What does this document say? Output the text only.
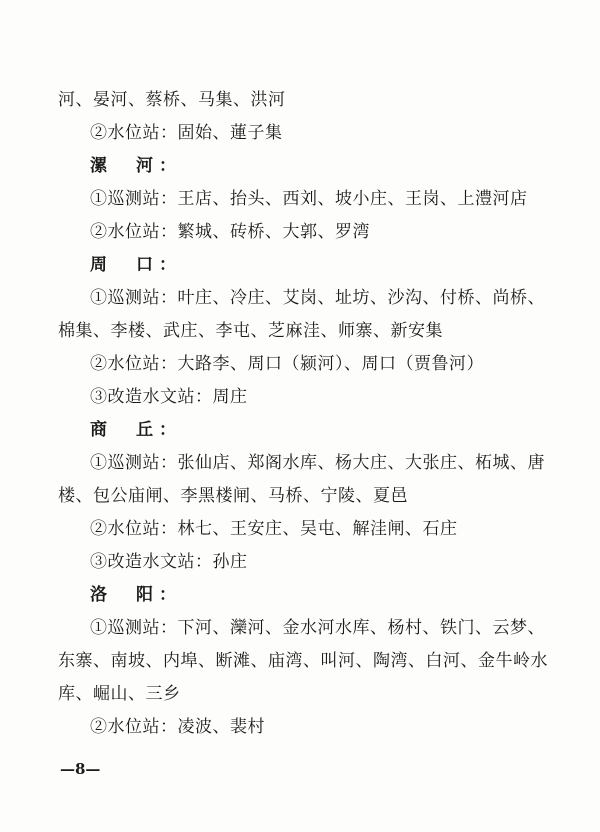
河、晏河、蔡桥、马集、洪河
②水位站：固始、蓮子集
漯　河：
①巡测站：王店、抬头、西刘、坡小庄、王岗、上澧河店
②水位站：繁城、砖桥、大郭、罗湾
周　口：
①巡测站：叶庄、冷庄、艾岗、址坊、沙沟、付桥、尚桥、
棉集、李楼、武庄、李屯、芝麻洼、师寨、新安集
②水位站：大路李、周口（颍河）、周口（贾鲁河）
③改造水文站：周庄
商　丘：
①巡测站：张仙店、郑阁水库、杨大庄、大张庄、柘城、唐
楼、包公庙闸、李黑楼闸、马桥、宁陵、夏邑
②水位站：林七、王安庄、吴屯、解洼闸、石庄
③改造水文站：孙庄
洛　阳：
①巡测站：下河、灤河、金水河水库、杨村、铁门、云梦、
东寨、南坡、内埠、断滩、庙湾、叫河、陶湾、白河、金牛岭水
库、崛山、三乡
②水位站：凌波、裴村
—8—
